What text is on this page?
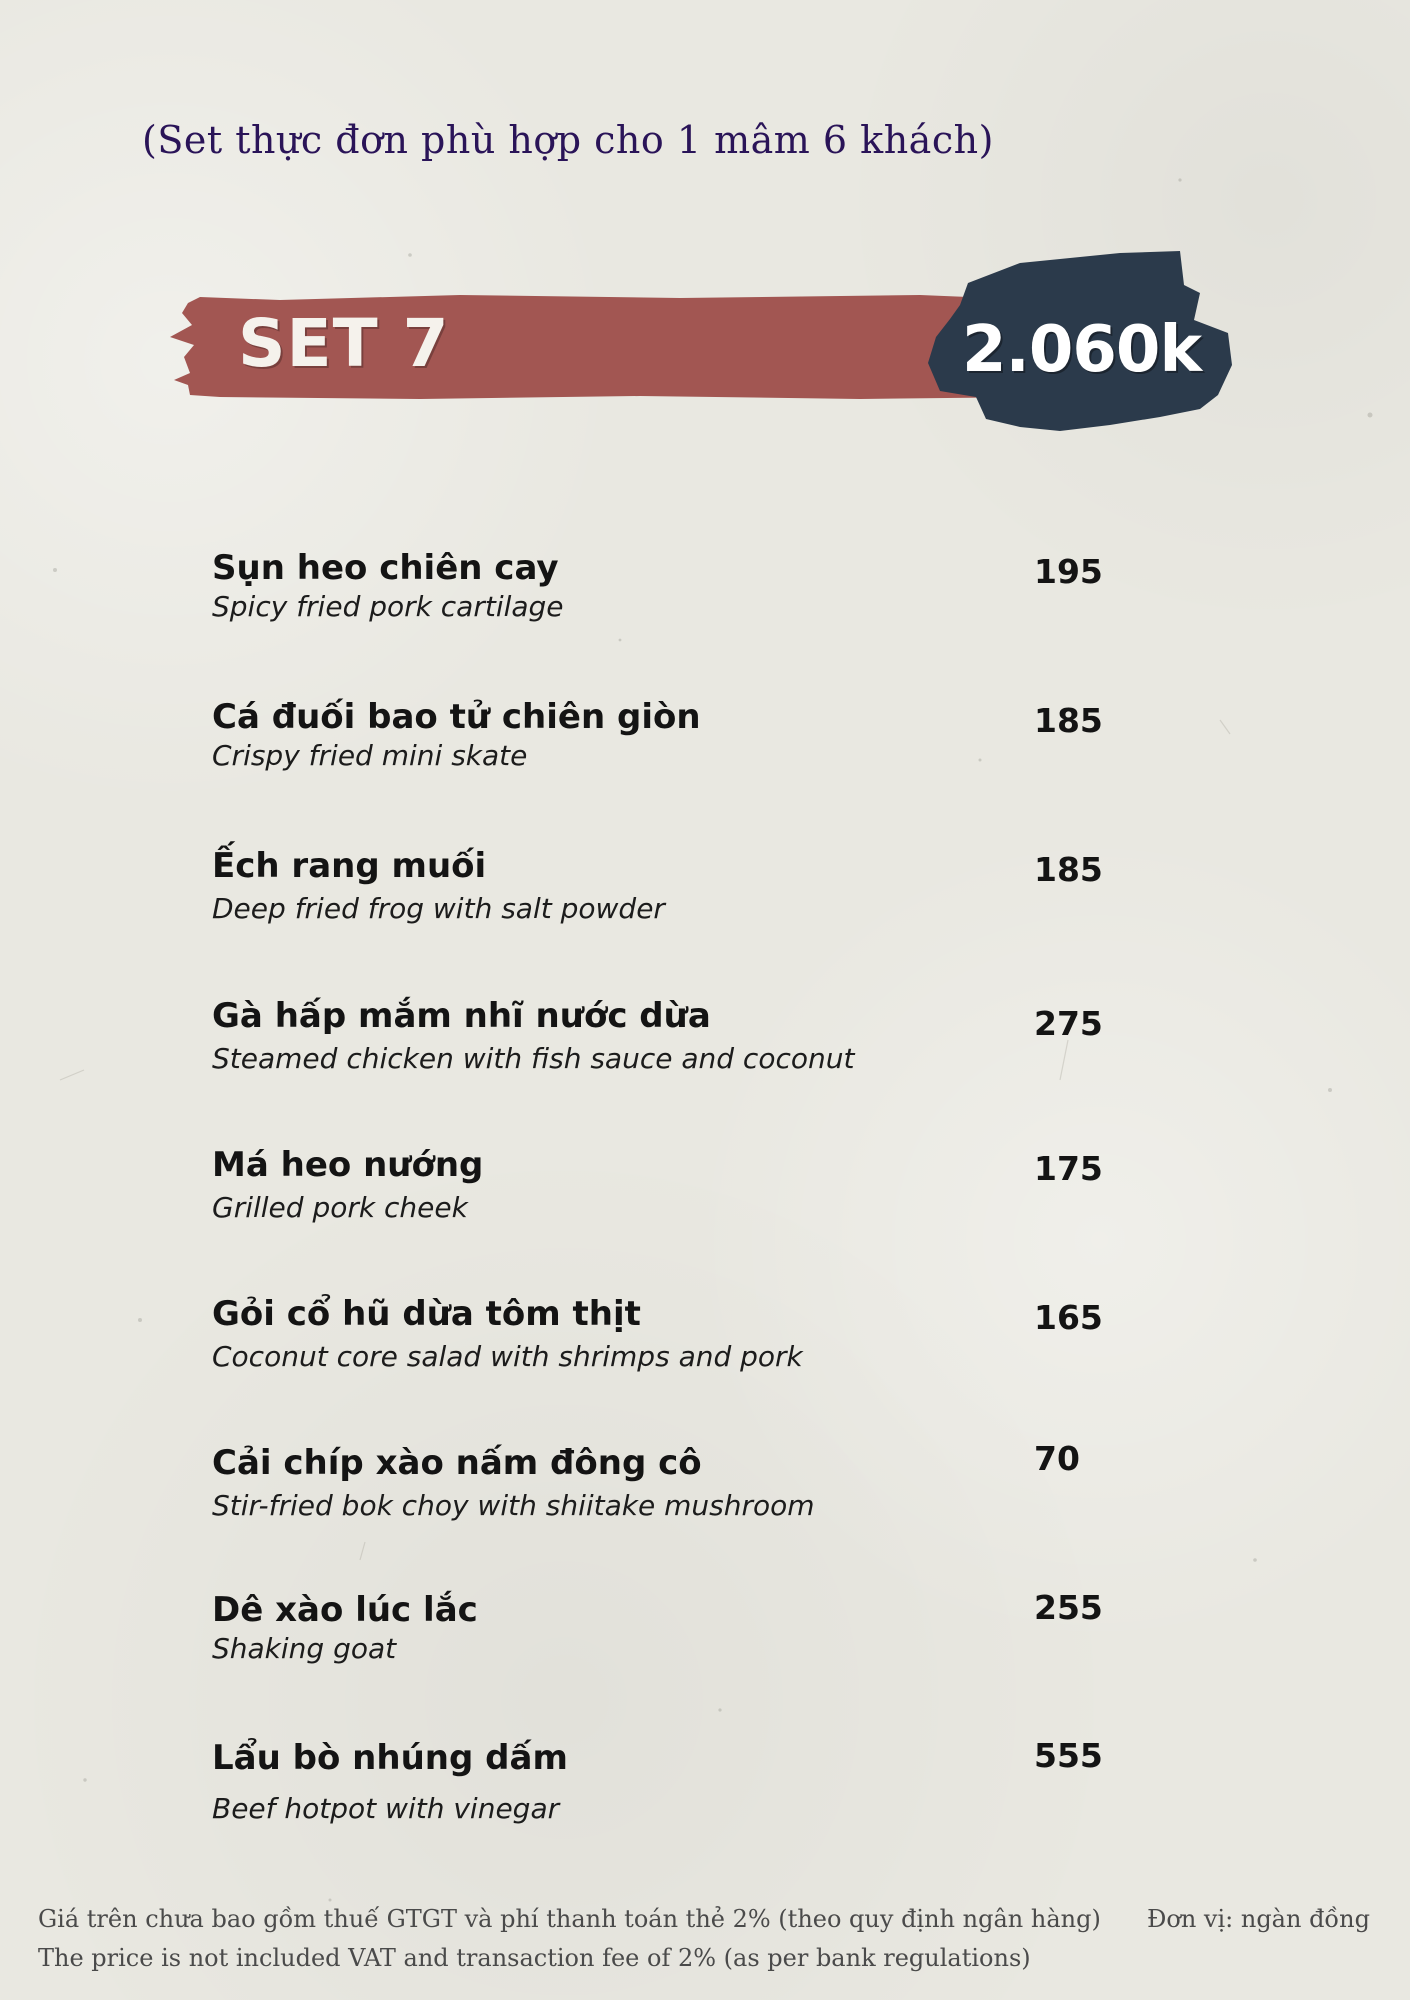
(Set thực đơn phù hợp cho 1 mâm 6 khách)
SET 7	2.060k
Sụn heo chiên cay
Spicy fried pork cartilage
195
Cá đuối bao tử chiên giòn
Crispy fried mini skate
185
Ếch rang muối
Deep fried frog with salt powder
185
Gà hấp mắm nhĩ nước dừa
Steamed chicken with fish sauce and coconut
275
Má heo nướng
Grilled pork cheek
175
Gỏi cổ hũ dừa tôm thịt
Coconut core salad with shrimps and pork
165
Cải chíp xào nấm đông cô
Stir-fried bok choy with shiitake mushroom
70
Dê xào lúc lắc
Shaking goat
255
Lẩu bò nhúng dấm
Beef hotpot with vinegar
555
Giá trên chưa bao gồm thuế GTGT và phí thanh toán thẻ 2% (theo quy định ngân hàng)
The price is not included VAT and transaction fee of 2% (as per bank regulations)
Đơn vị: ngàn đồng
